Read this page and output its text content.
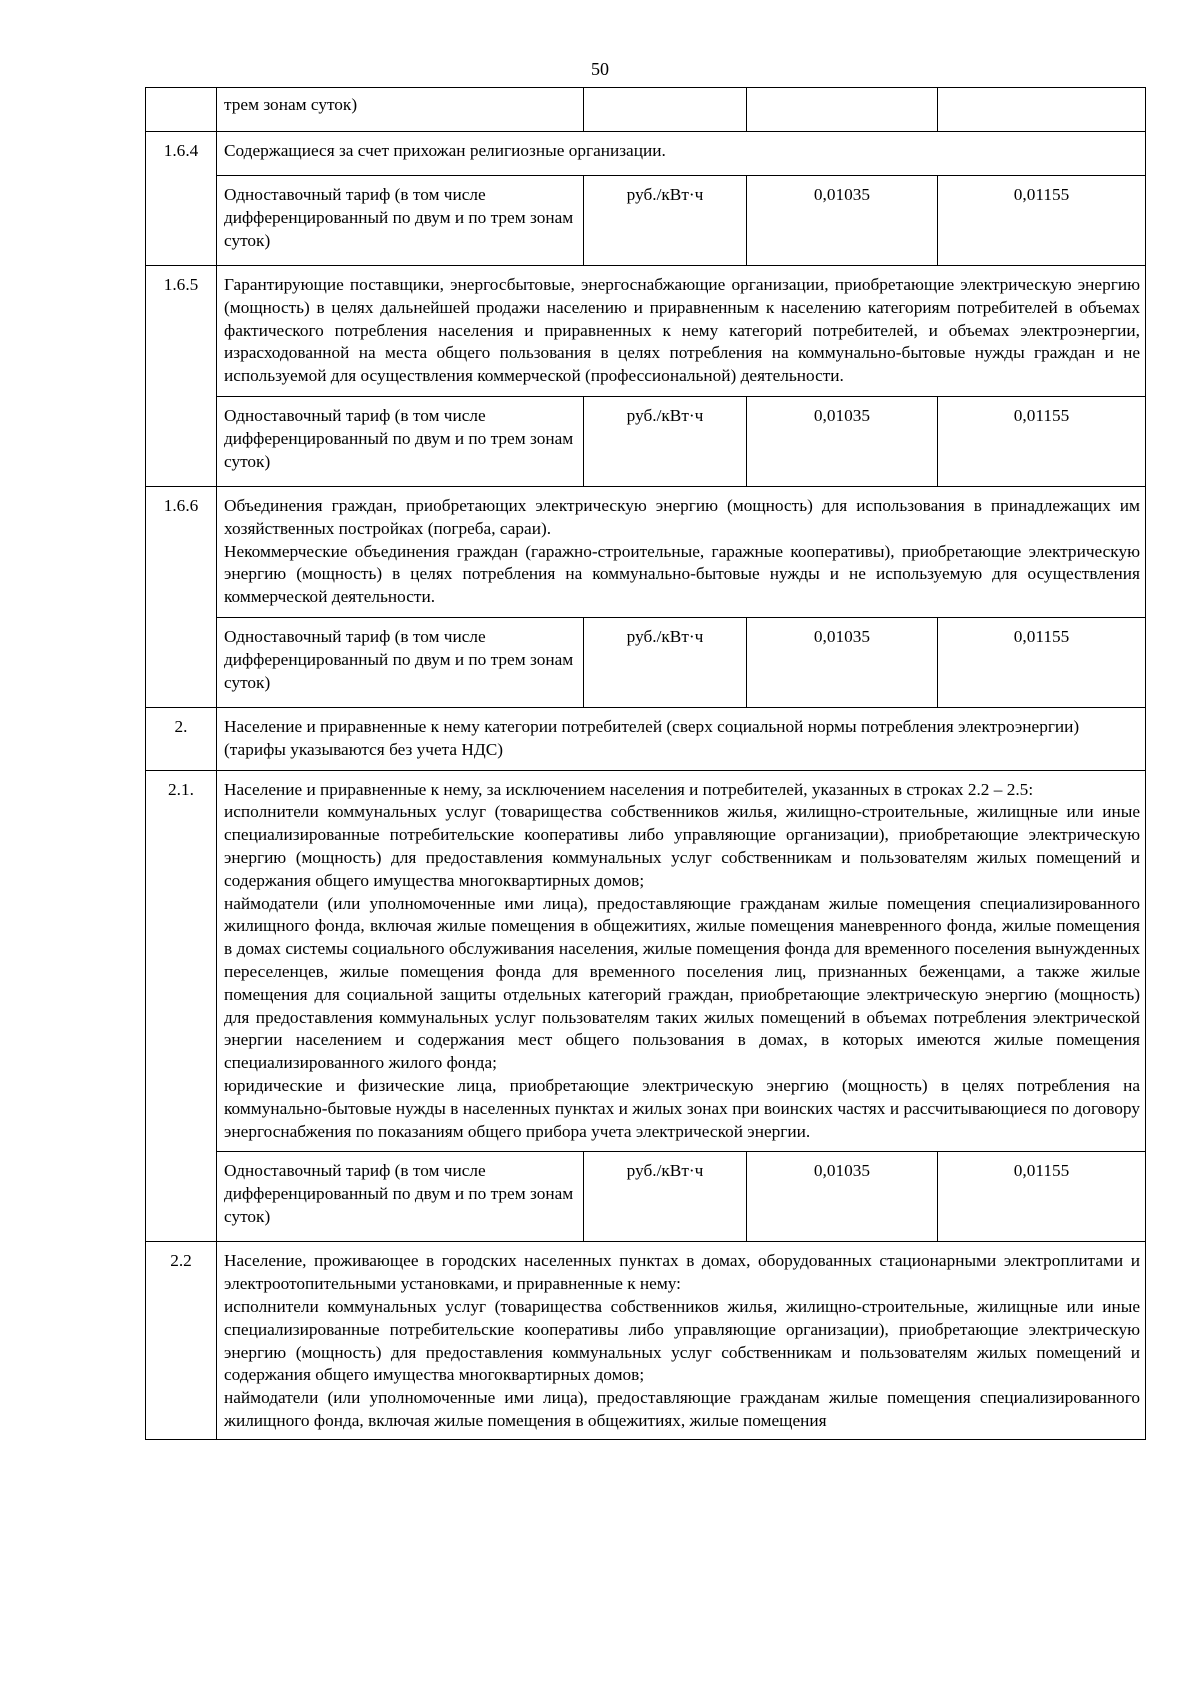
50
	трем зонам суток)			
1.6.4	Содержащиеся за счет прихожан религиозные организации.			

	Одноставочный тариф (в том числе дифференцированный по двум и по трем зонам суток)	руб./кВт·ч	0,01035	0,01155
1.6.5	Гарантирующие поставщики, энергосбытовые, энергоснабжающие организации, приобретающие электрическую энергию (мощность) в целях дальнейшей продажи населению и приравненным к населению категориям потребителей в объемах фактического потребления населения и приравненных к нему категорий потребителей, и объемах электроэнергии, израсходованной на места общего пользования в целях потребления на коммунально-бытовые нужды граждан и не используемой для осуществления коммерческой (профессиональной) деятельности.			

	Одноставочный тариф (в том числе дифференцированный по двум и по трем зонам суток)	руб./кВт·ч	0,01035	0,01155
1.6.6	Объединения граждан, приобретающих электрическую энергию (мощность) для использования в принадлежащих им хозяйственных постройках (погреба, сараи).
Некоммерческие объединения граждан (гаражно-строительные, гаражные кооперативы), приобретающие электрическую энергию (мощность) в целях потребления на коммунально-бытовые нужды и не используемую для осуществления коммерческой деятельности.			

	Одноставочный тариф (в том числе дифференцированный по двум и по трем зонам суток)	руб./кВт·ч	0,01035	0,01155
2.	Население и приравненные к нему категории потребителей (сверх социальной нормы потребления электроэнергии) (тарифы указываются без учета НДС)			
2.1.	Население и приравненные к нему, за исключением населения и потребителей, указанных в строках 2.2 – 2.5:
исполнители коммунальных услуг (товарищества собственников жилья, жилищно-строительные, жилищные или иные специализированные потребительские кооперативы либо управляющие организации), приобретающие электрическую энергию (мощность) для предоставления коммунальных услуг собственникам и пользователям жилых помещений и содержания общего имущества многоквартирных домов;
наймодатели (или уполномоченные ими лица), предоставляющие гражданам жилые помещения специализированного жилищного фонда, включая жилые помещения в общежитиях, жилые помещения маневренного фонда, жилые помещения в домах системы социального обслуживания населения, жилые помещения фонда для временного поселения вынужденных переселенцев, жилые помещения фонда для временного поселения лиц, признанных беженцами, а также жилые помещения для социальной защиты отдельных категорий граждан, приобретающие электрическую энергию (мощность) для предоставления коммунальных услуг пользователям таких жилых помещений в объемах потребления электрической энергии населением и содержания мест общего пользования в домах, в которых имеются жилые помещения специализированного жилого фонда;
юридические и физические лица, приобретающие электрическую энергию (мощность) в целях потребления на коммунально-бытовые нужды в населенных пунктах и жилых зонах при воинских частях и рассчитывающиеся по договору энергоснабжения по показаниям общего прибора учета электрической энергии.			

	Одноставочный тариф (в том числе дифференцированный по двум и по трем зонам суток)	руб./кВт·ч	0,01035	0,01155
2.2	Население, проживающее в городских населенных пунктах в домах, оборудованных стационарными электроплитами и электроотопительными установками, и приравненные к нему:
исполнители коммунальных услуг (товарищества собственников жилья, жилищно-строительные, жилищные или иные специализированные потребительские кооперативы либо управляющие организации), приобретающие электрическую энергию (мощность) для предоставления коммунальных услуг собственникам и пользователям жилых помещений и содержания общего имущества многоквартирных домов;
наймодатели (или уполномоченные ими лица), предоставляющие гражданам жилые помещения специализированного жилищного фонда, включая жилые помещения в общежитиях, жилые помещения			
